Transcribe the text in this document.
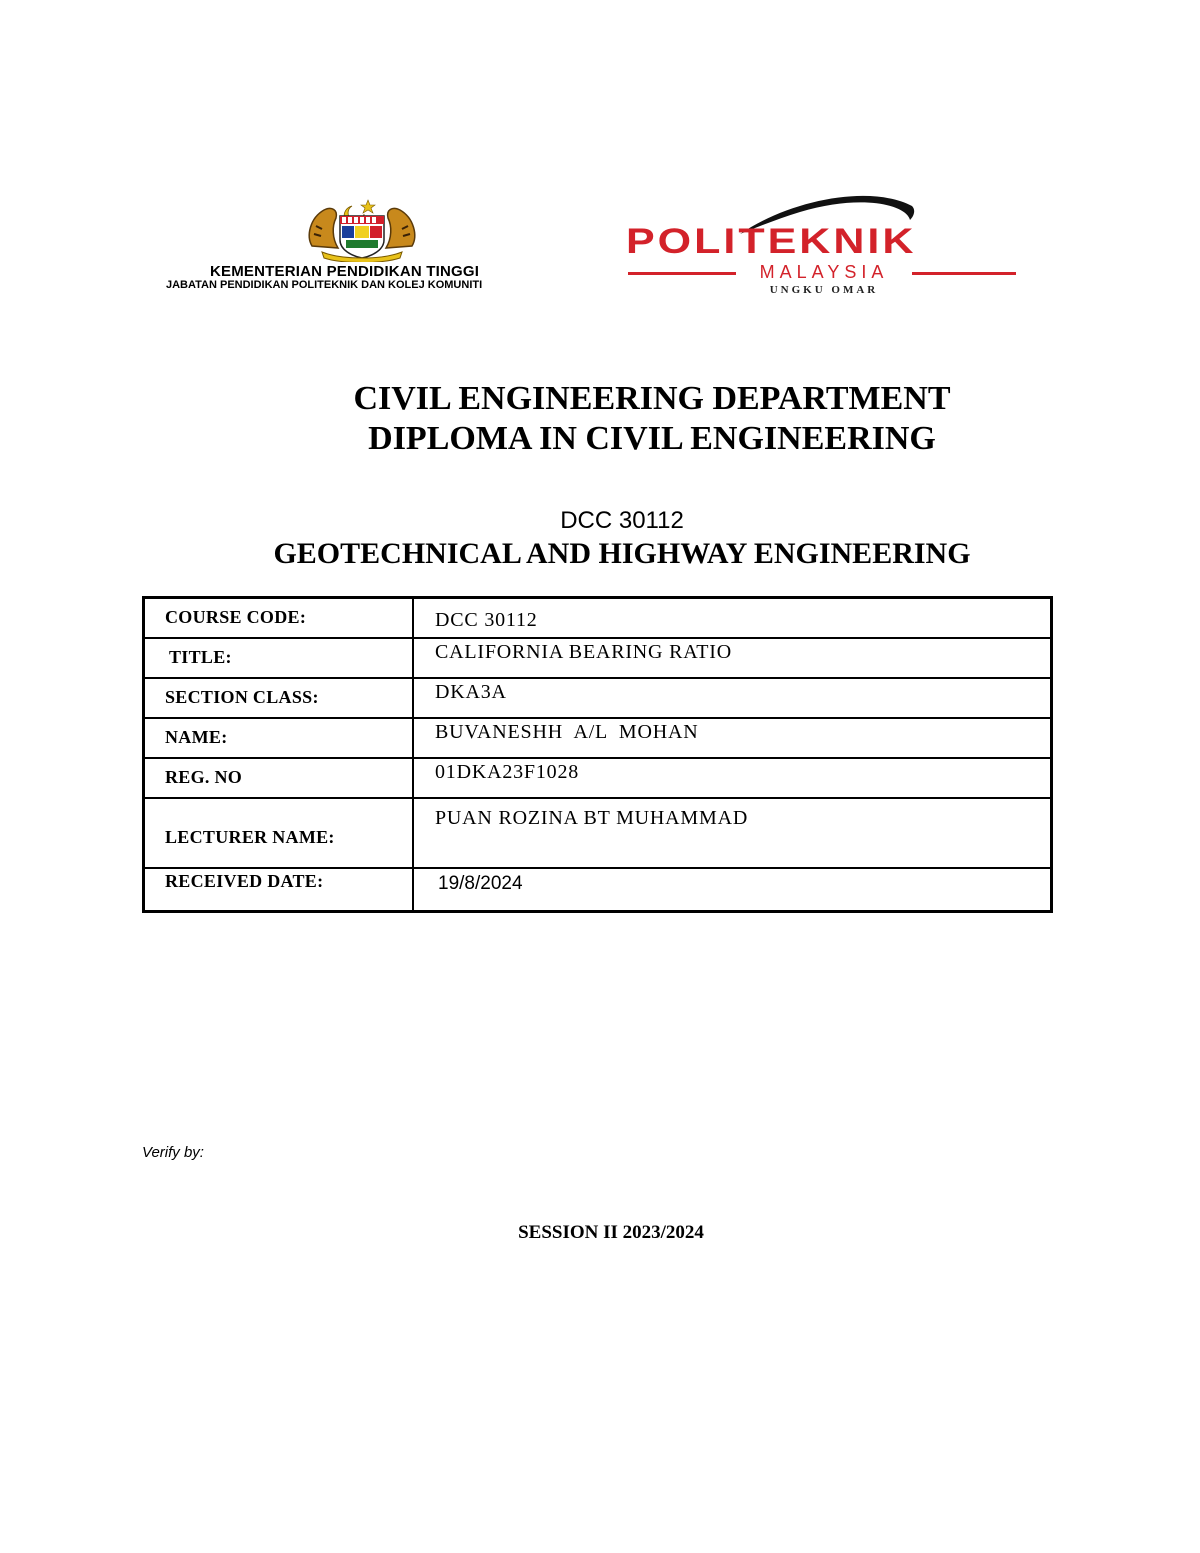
KEMENTERIAN PENDIDIKAN TINGGI
JABATAN PENDIDIKAN POLITEKNIK DAN KOLEJ KOMUNITI
POLITEKNIK
MALAYSIA
UNGKU OMAR
CIVIL ENGINEERING DEPARTMENT
DIPLOMA IN CIVIL ENGINEERING
DCC 30112
GEOTECHNICAL AND HIGHWAY ENGINEERING
COURSE CODE:	DCC 30112
TITLE:	CALIFORNIA BEARING RATIO
SECTION CLASS:	DKA3A
NAME:	BUVANESHH  A/L  MOHAN
REG. NO	01DKA23F1028
LECTURER NAME:	PUAN ROZINA BT MUHAMMAD
RECEIVED DATE:	19/8/2024
Verify by:
SESSION II 2023/2024
